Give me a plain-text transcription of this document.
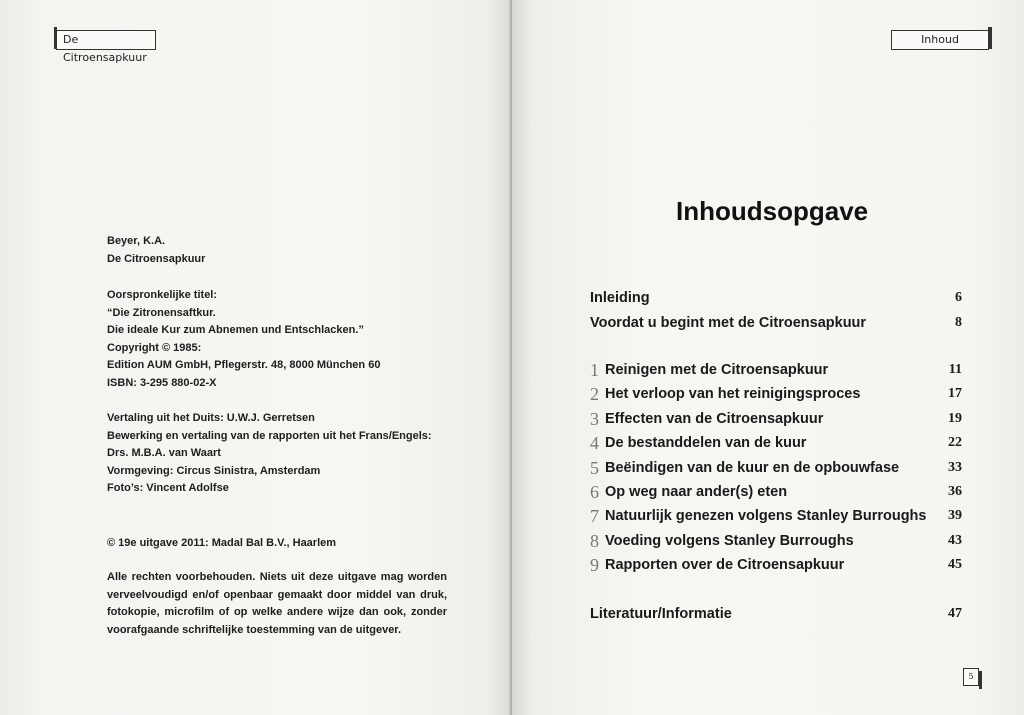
De Citroensapkuur
Beyer, K.A.
De Citroensapkuur
Oorspronkelijke titel:
“Die Zitronensaftkur.
Die ideale Kur zum Abnemen und Entschlacken.”
Copyright © 1985:
Edition AUM GmbH, Pflegerstr. 48, 8000 München 60
ISBN: 3-295 880-02-X
Vertaling uit het Duits: U.W.J. Gerretsen
Bewerking en vertaling van de rapporten uit het Frans/Engels:
Drs. M.B.A. van Waart
Vormgeving: Circus Sinistra, Amsterdam
Foto’s: Vincent Adolfse
© 19e uitgave 2011: Madal Bal B.V., Haarlem
Alle rechten voorbehouden. Niets uit deze uitgave mag worden verveelvoudigd en/of openbaar gemaakt door middel van druk, fotokopie, microfilm of op welke andere wijze dan ook, zonder voorafgaande schriftelijke toestemming van de uitgever.
Inhoud
Inhoudsopgave
Inleiding	6
Voordat u begint met de Citroensapkuur	8
1 Reinigen met de Citroensapkuur	11
2 Het verloop van het reinigingsproces	17
3 Effecten van de Citroensapkuur	19
4 De bestanddelen van de kuur	22
5 Beëindigen van de kuur en de opbouwfase	33
6 Op weg naar ander(s) eten	36
7 Natuurlijk genezen volgens Stanley Burroughs 39
8 Voeding volgens Stanley Burroughs	43
9 Rapporten over de Citroensapkuur	45
Literatuur/Informatie	47
5
